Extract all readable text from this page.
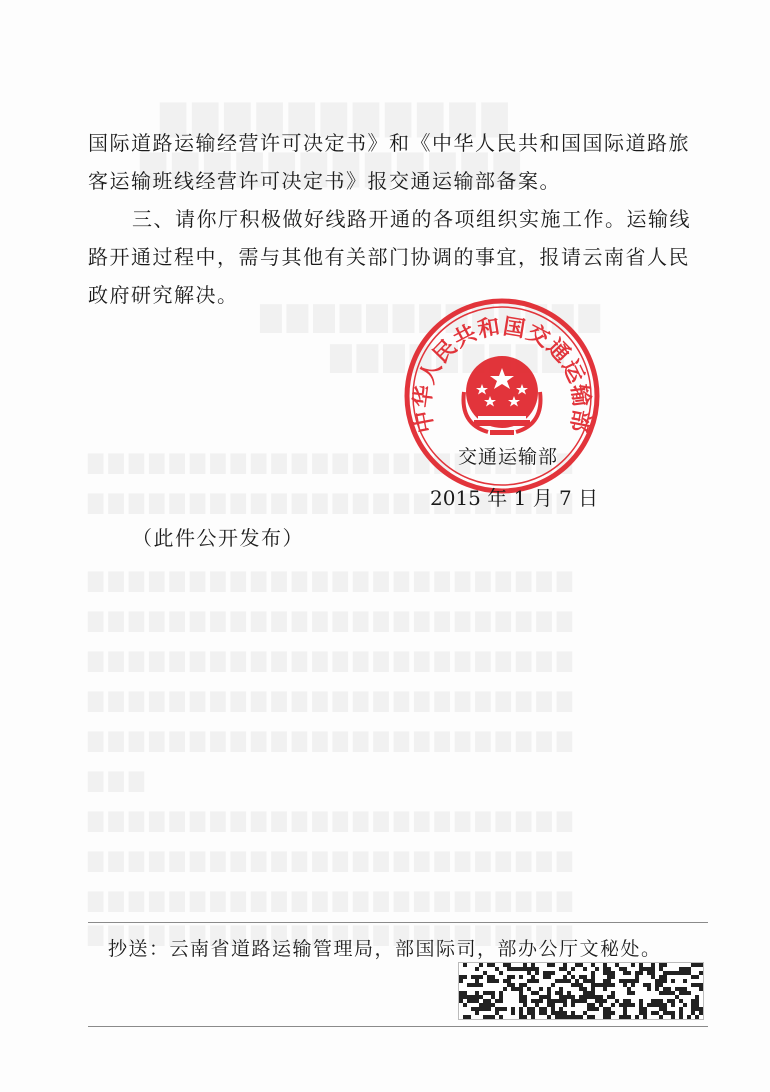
国际道路运输经营许可决定书》和《中华人民共和国国际道路旅客运输班线经营许可决定书》报交通运输部备案。

三、请你厅积极做好线路开通的各项组织实施工作。运输线路开通过程中，需与其他有关部门协调的事宜，报请云南省人民政府研究解决。

中华人民共和国交通运输部
交通运输部
2015 年 1 月 7 日
（此件公开发布）
抄送：云南省道路运输管理局，部国际司，部办公厅文秘处。
